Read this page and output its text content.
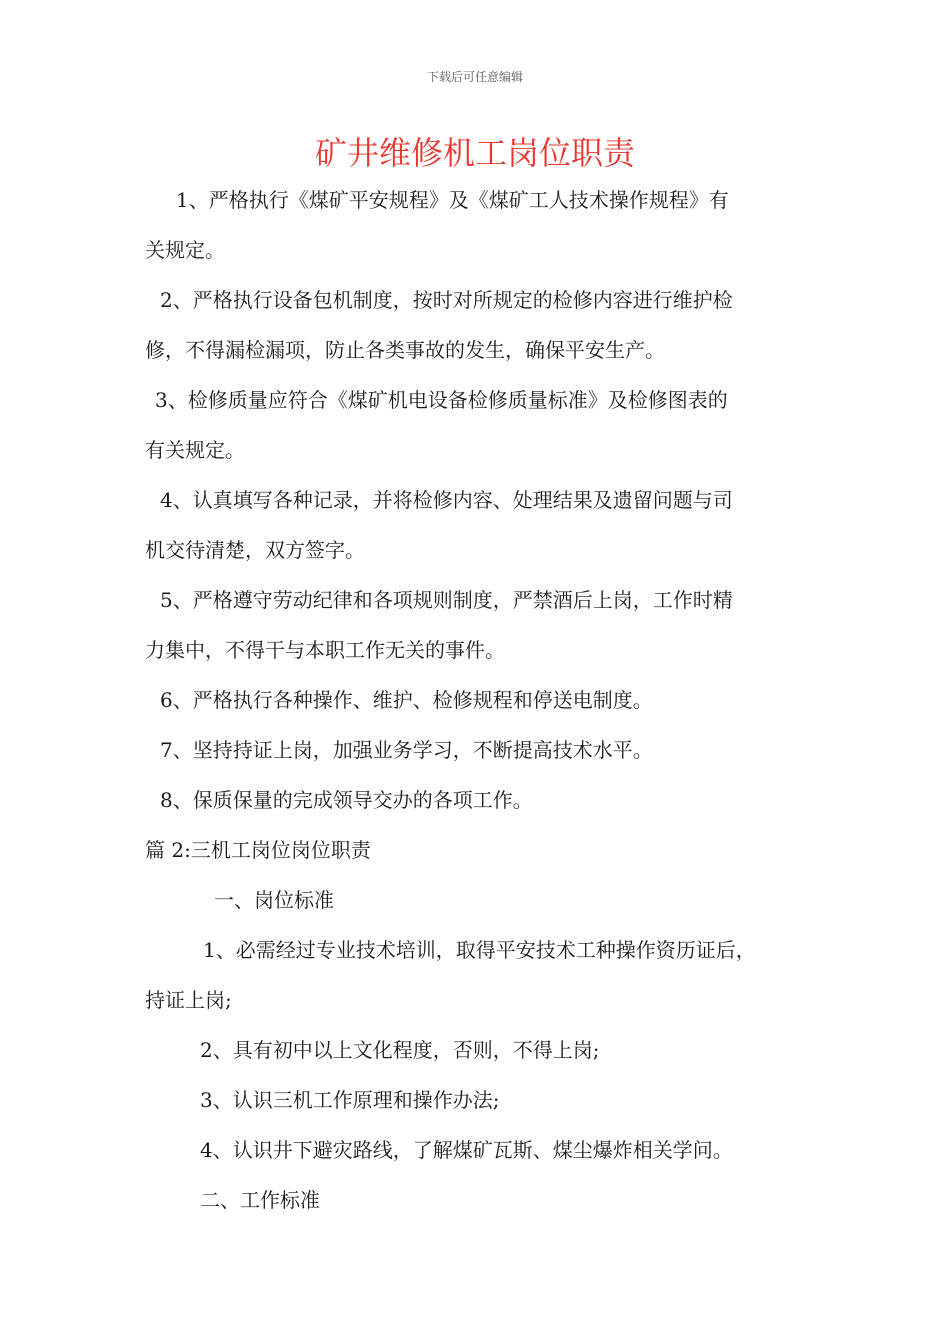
下载后可任意编辑
矿井维修机工岗位职责
1、严格执行《煤矿平安规程》及《煤矿工人技术操作规程》有
关规定。
2、严格执行设备包机制度，按时对所规定的检修内容进行维护检
修，不得漏检漏项，防止各类事故的发生，确保平安生产。
3、检修质量应符合《煤矿机电设备检修质量标准》及检修图表的
有关规定。
4、认真填写各种记录，并将检修内容、处理结果及遗留问题与司
机交待清楚，双方签字。
5、严格遵守劳动纪律和各项规则制度，严禁酒后上岗，工作时精
力集中，不得干与本职工作无关的事件。
6、严格执行各种操作、维护、检修规程和停送电制度。
7、坚持持证上岗，加强业务学习，不断提高技术水平。
8、保质保量的完成领导交办的各项工作。
篇 2:三机工岗位岗位职责
一、岗位标准
1、必需经过专业技术培训，取得平安技术工种操作资历证后，
持证上岗;
2、具有初中以上文化程度，否则，不得上岗;
3、认识三机工作原理和操作办法;
4、认识井下避灾路线，了解煤矿瓦斯、煤尘爆炸相关学问。
二、工作标准
